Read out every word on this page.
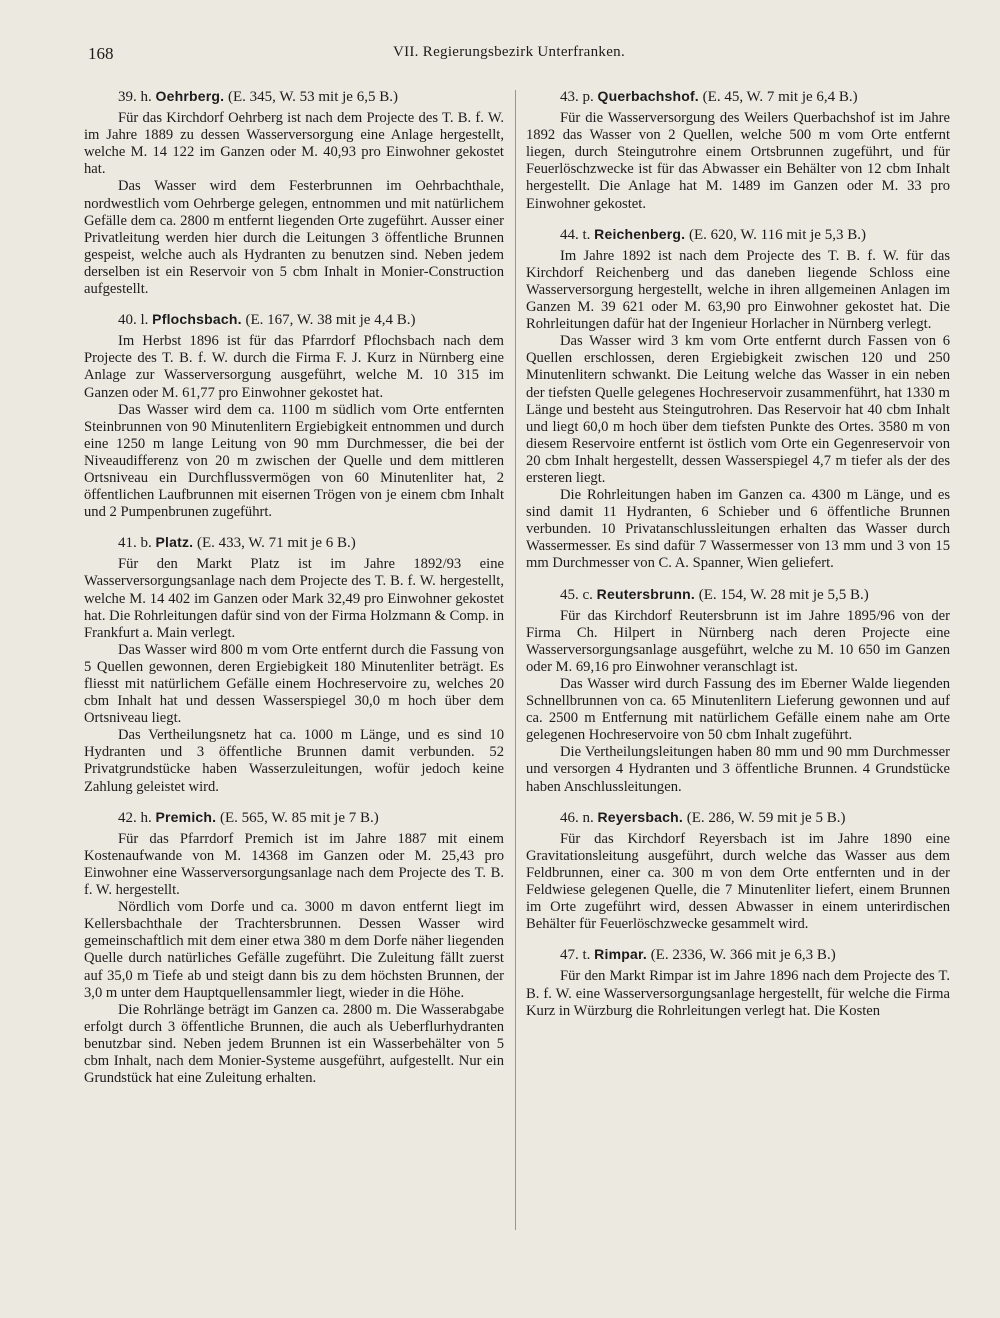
168	VII. Regierungsbezirk Unterfranken.
39. h. Oehrberg. (E. 345, W. 53 mit je 6,5 B.)

Für das Kirchdorf Oehrberg ist nach dem Projecte des T. B. f. W. im Jahre 1889 zu dessen Wasserversorgung eine Anlage hergestellt, welche M. 14 122 im Ganzen oder M. 40,93 pro Einwohner gekostet hat.

Das Wasser wird dem Festerbrunnen im Oehrbachthale, nordwestlich vom Oehrberge gelegen, entnommen und mit natürlichem Gefälle dem ca. 2800 m entfernt liegenden Orte zugeführt. Ausser einer Privatleitung werden hier durch die Leitungen 3 öffentliche Brunnen gespeist, welche auch als Hydranten zu benutzen sind. Neben jedem derselben ist ein Reservoir von 5 cbm Inhalt in Monier-Construction aufgestellt.

40. l. Pflochsbach. (E. 167, W. 38 mit je 4,4 B.)

Im Herbst 1896 ist für das Pfarrdorf Pflochsbach nach dem Projecte des T. B. f. W. durch die Firma F. J. Kurz in Nürnberg eine Anlage zur Wasserversorgung ausgeführt, welche M. 10 315 im Ganzen oder M. 61,77 pro Einwohner gekostet hat.

Das Wasser wird dem ca. 1100 m südlich vom Orte entfernten Steinbrunnen von 90 Minutenlitern Ergiebigkeit entnommen und durch eine 1250 m lange Leitung von 90 mm Durchmesser, die bei der Niveaudifferenz von 20 m zwischen der Quelle und dem mittleren Ortsniveau ein Durchflussvermögen von 60 Minutenliter hat, 2 öffentlichen Laufbrunnen mit eisernen Trögen von je einem cbm Inhalt und 2 Pumpenbrunen zugeführt.

41. b. Platz. (E. 433, W. 71 mit je 6 B.)

Für den Markt Platz ist im Jahre 1892/93 eine Wasserversorgungsanlage nach dem Projecte des T. B. f. W. hergestellt, welche M. 14 402 im Ganzen oder Mark 32,49 pro Einwohner gekostet hat. Die Rohrleitungen dafür sind von der Firma Holzmann & Comp. in Frankfurt a. Main verlegt.

Das Wasser wird 800 m vom Orte entfernt durch die Fassung von 5 Quellen gewonnen, deren Ergiebigkeit 180 Minutenliter beträgt. Es fliesst mit natürlichem Gefälle einem Hochreservoire zu, welches 20 cbm Inhalt hat und dessen Wasserspiegel 30,0 m hoch über dem Ortsniveau liegt.

Das Vertheilungsnetz hat ca. 1000 m Länge, und es sind 10 Hydranten und 3 öffentliche Brunnen damit verbunden. 52 Privatgrundstücke haben Wasserzuleitungen, wofür jedoch keine Zahlung geleistet wird.

42. h. Premich. (E. 565, W. 85 mit je 7 B.)

Für das Pfarrdorf Premich ist im Jahre 1887 mit einem Kostenaufwande von M. 14368 im Ganzen oder M. 25,43 pro Einwohner eine Wasserversorgungsanlage nach dem Projecte des T. B. f. W. hergestellt.

Nördlich vom Dorfe und ca. 3000 m davon entfernt liegt im Kellersbachthale der Trachtersbrunnen. Dessen Wasser wird gemeinschaftlich mit dem einer etwa 380 m dem Dorfe näher liegenden Quelle durch natürliches Gefälle zugeführt. Die Zuleitung fällt zuerst auf 35,0 m Tiefe ab und steigt dann bis zu dem höchsten Brunnen, der 3,0 m unter dem Hauptquellensammler liegt, wieder in die Höhe.

Die Rohrlänge beträgt im Ganzen ca. 2800 m. Die Wasserabgabe erfolgt durch 3 öffentliche Brunnen, die auch als Ueberflurhydranten benutzbar sind. Neben jedem Brunnen ist ein Wasserbehälter von 5 cbm Inhalt, nach dem Monier-Systeme ausgeführt, aufgestellt. Nur ein Grundstück hat eine Zuleitung erhalten.

43. p. Querbachshof. (E. 45, W. 7 mit je 6,4 B.)

Für die Wasserversorgung des Weilers Querbachshof ist im Jahre 1892 das Wasser von 2 Quellen, welche 500 m vom Orte entfernt liegen, durch Steingutrohre einem Ortsbrunnen zugeführt, und für Feuerlöschzwecke ist für das Abwasser ein Behälter von 12 cbm Inhalt hergestellt. Die Anlage hat M. 1489 im Ganzen oder M. 33 pro Einwohner gekostet.

44. t. Reichenberg. (E. 620, W. 116 mit je 5,3 B.)

Im Jahre 1892 ist nach dem Projecte des T. B. f. W. für das Kirchdorf Reichenberg und das daneben liegende Schloss eine Wasserversorgung hergestellt, welche in ihren allgemeinen Anlagen im Ganzen M. 39 621 oder M. 63,90 pro Einwohner gekostet hat. Die Rohrleitungen dafür hat der Ingenieur Horlacher in Nürnberg verlegt.

Das Wasser wird 3 km vom Orte entfernt durch Fassen von 6 Quellen erschlossen, deren Ergiebigkeit zwischen 120 und 250 Minutenlitern schwankt. Die Leitung welche das Wasser in ein neben der tiefsten Quelle gelegenes Hochreservoir zusammenführt, hat 1330 m Länge und besteht aus Steingutrohren. Das Reservoir hat 40 cbm Inhalt und liegt 60,0 m hoch über dem tiefsten Punkte des Ortes. 3580 m von diesem Reservoire entfernt ist östlich vom Orte ein Gegenreservoir von 20 cbm Inhalt hergestellt, dessen Wasserspiegel 4,7 m tiefer als der des ersteren liegt.

Die Rohrleitungen haben im Ganzen ca. 4300 m Länge, und es sind damit 11 Hydranten, 6 Schieber und 6 öffentliche Brunnen verbunden. 10 Privatanschlussleitungen erhalten das Wasser durch Wassermesser. Es sind dafür 7 Wassermesser von 13 mm und 3 von 15 mm Durchmesser von C. A. Spanner, Wien geliefert.

45. c. Reutersbrunn. (E. 154, W. 28 mit je 5,5 B.)

Für das Kirchdorf Reutersbrunn ist im Jahre 1895/96 von der Firma Ch. Hilpert in Nürnberg nach deren Projecte eine Wasserversorgungsanlage ausgeführt, welche zu M. 10 650 im Ganzen oder M. 69,16 pro Einwohner veranschlagt ist.

Das Wasser wird durch Fassung des im Eberner Walde liegenden Schnellbrunnen von ca. 65 Minutenlitern Lieferung gewonnen und auf ca. 2500 m Entfernung mit natürlichem Gefälle einem nahe am Orte gelegenen Hochreservoire von 50 cbm Inhalt zugeführt.

Die Vertheilungsleitungen haben 80 mm und 90 mm Durchmesser und versorgen 4 Hydranten und 3 öffentliche Brunnen. 4 Grundstücke haben Anschlussleitungen.

46. n. Reyersbach. (E. 286, W. 59 mit je 5 B.)

Für das Kirchdorf Reyersbach ist im Jahre 1890 eine Gravitationsleitung ausgeführt, durch welche das Wasser aus dem Feldbrunnen, einer ca. 300 m von dem Orte entfernten und in der Feldwiese gelegenen Quelle, die 7 Minutenliter liefert, einem Brunnen im Orte zugeführt wird, dessen Abwasser in einem unterirdischen Behälter für Feuerlöschzwecke gesammelt wird.

47. t. Rimpar. (E. 2336, W. 366 mit je 6,3 B.)

Für den Markt Rimpar ist im Jahre 1896 nach dem Projecte des T. B. f. W. eine Wasserversorgungsanlage hergestellt, für welche die Firma Kurz in Würzburg die Rohrleitungen verlegt hat. Die Kosten
